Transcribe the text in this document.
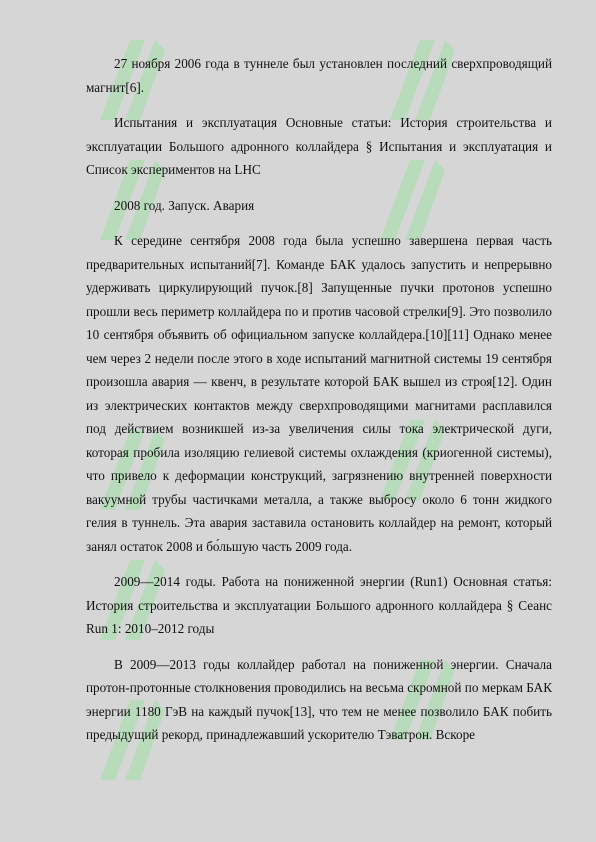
27 ноября 2006 года в туннеле был установлен последний сверхпроводящий магнит[6].

Испытания и эксплуатация Основные статьи: История строительства и эксплуатации Большого адронного коллайдера § Испытания и эксплуатация и Список экспериментов на LHC

2008 год. Запуск. Авария

К середине сентября 2008 года была успешно завершена первая часть предварительных испытаний[7]. Команде БАК удалось запустить и непрерывно удерживать циркулирующий пучок.[8] Запущенные пучки протонов успешно прошли весь периметр коллайдера по и против часовой стрелки[9]. Это позволило 10 сентября объявить об официальном запуске коллайдера.[10][11] Однако менее чем через 2 недели после этого в ходе испытаний магнитной системы 19 сентября произошла авария — квенч, в результате которой БАК вышел из строя[12]. Один из электрических контактов между сверхпроводящими магнитами расплавился под действием возникшей из-за увеличения силы тока электрической дуги, которая пробила изоляцию гелиевой системы охлаждения (криогенной системы), что привело к деформации конструкций, загрязнению внутренней поверхности вакуумной трубы частичками металла, а также выбросу около 6 тонн жидкого гелия в туннель. Эта авария заставила остановить коллайдер на ремонт, который занял остаток 2008 и бо́льшую часть 2009 года.

2009—2014 годы. Работа на пониженной энергии (Run1) Основная статья: История строительства и эксплуатации Большого адронного коллайдера § Сеанс Run 1: 2010–2012 годы

В 2009—2013 годы коллайдер работал на пониженной энергии. Сначала протон-протонные столкновения проводились на весьма скромной по меркам БАК энергии 1180 ГэВ на каждый пучок[13], что тем не менее позволило БАК побить предыдущий рекорд, принадлежавший ускорителю Тэватрон. Вскоре
